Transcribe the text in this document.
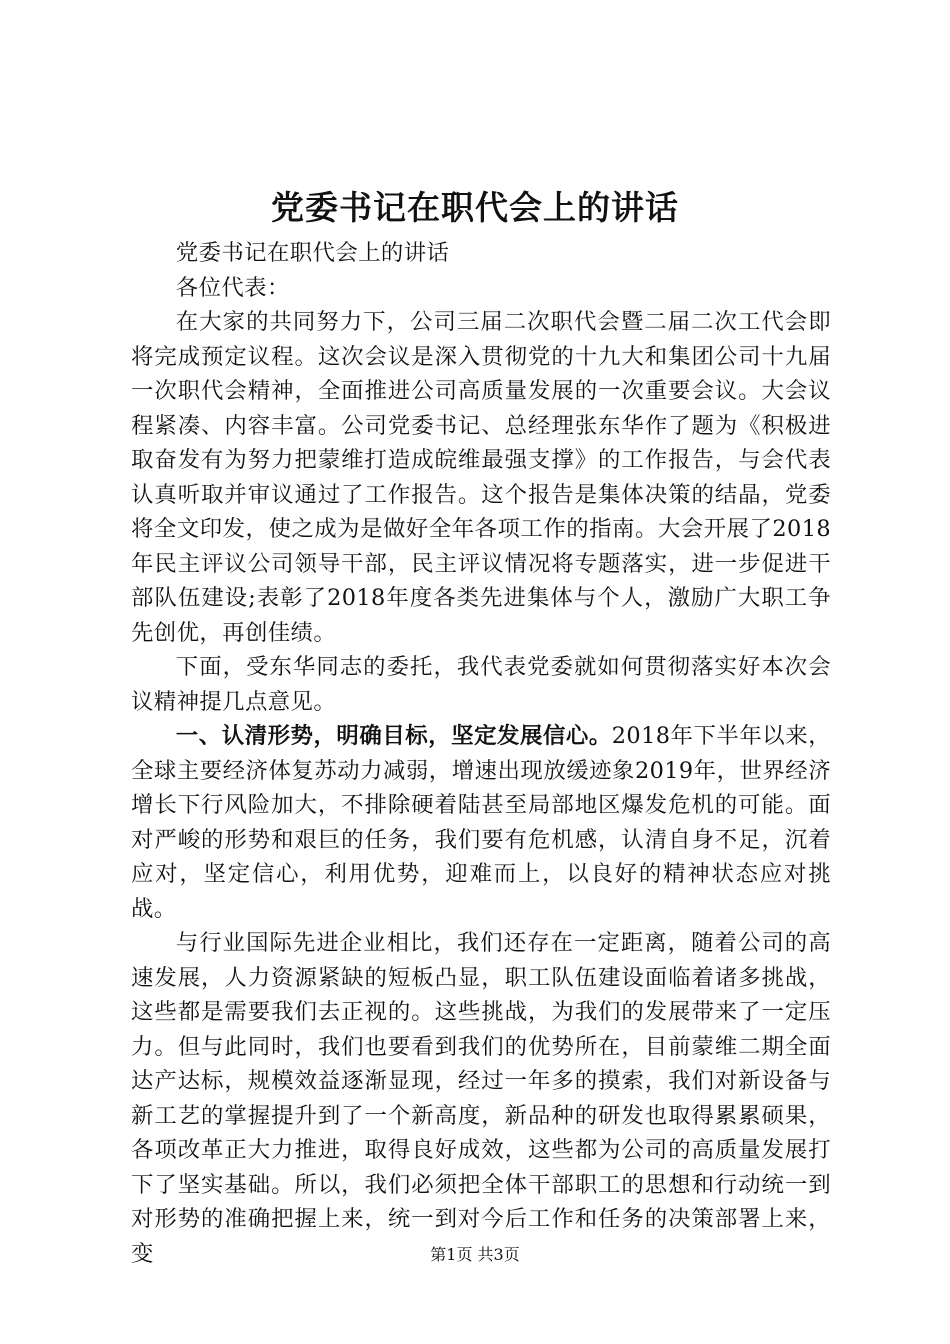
党委书记在职代会上的讲话

党委书记在职代会上的讲话

各位代表：

在大家的共同努力下，公司三届二次职代会暨二届二次工代会即将完成预定议程。这次会议是深入贯彻党的十九大和集团公司十九届一次职代会精神，全面推进公司高质量发展的一次重要会议。大会议程紧凑、内容丰富。公司党委书记、总经理张东华作了题为《积极进取奋发有为努力把蒙维打造成皖维最强支撑》的工作报告，与会代表认真听取并审议通过了工作报告。这个报告是集体决策的结晶，党委将全文印发，使之成为是做好全年各项工作的指南。大会开展了2018年民主评议公司领导干部，民主评议情况将专题落实，进一步促进干部队伍建设;表彰了2018年度各类先进集体与个人，激励广大职工争先创优，再创佳绩。

下面，受东华同志的委托，我代表党委就如何贯彻落实好本次会议精神提几点意见。

一、认清形势，明确目标，坚定发展信心。2018年下半年以来，全球主要经济体复苏动力减弱，增速出现放缓迹象2019年，世界经济增长下行风险加大，不排除硬着陆甚至局部地区爆发危机的可能。面对严峻的形势和艰巨的任务，我们要有危机感，认清自身不足，沉着应对，坚定信心，利用优势，迎难而上，以良好的精神状态应对挑战。

与行业国际先进企业相比，我们还存在一定距离，随着公司的高速发展，人力资源紧缺的短板凸显，职工队伍建设面临着诸多挑战，这些都是需要我们去正视的。这些挑战，为我们的发展带来了一定压力。但与此同时，我们也要看到我们的优势所在，目前蒙维二期全面达产达标，规模效益逐渐显现，经过一年多的摸索，我们对新设备与新工艺的掌握提升到了一个新高度，新品种的研发也取得累累硕果，各项改革正大力推进，取得良好成效，这些都为公司的高质量发展打下了坚实基础。所以，我们必须把全体干部职工的思想和行动统一到对形势的准确把握上来，统一到对今后工作和任务的决策部署上来，变	第1页 共3页
